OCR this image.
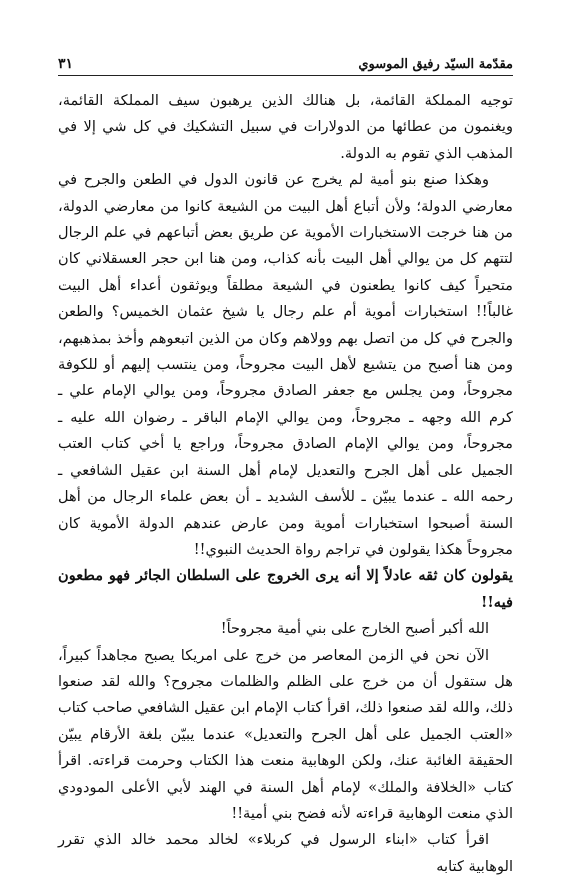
مقدّمة السيّد رفيق الموسوي
٣١

توجيه المملكة القائمة، بل هنالك الذين يرهبون سيف المملكة القائمة، ويغنمون من عطائها من الدولارات في سبيل التشكيك في كل شي إلا في المذهب الذي تقوم به الدولة.

وهكذا صنع بنو أمية لم يخرج عن قانون الدول في الطعن والجرح في معارضي الدولة؛ ولأن أتباع أهل البيت من الشيعة كانوا من معارضي الدولة، من هنا خرجت الاستخبارات الأموية عن طريق بعض أتباعهم في علم الرجال لتتهم كل من يوالي أهل البيت بأنه كذاب، ومن هنا ابن حجر العسقلاني كان متحيراً كيف كانوا يطعنون في الشيعة مطلقاً ويوثقون أعداء أهل البيت غالباً!! استخبارات أموية أم علم رجال يا شيخ عثمان الخميس؟ والطعن والجرح في كل من اتصل بهم وولاهم وكان من الذين اتبعوهم وأخذ بمذهبهم، ومن هنا أصبح من يتشيع لأهل البيت مجروحاً، ومن ينتسب إليهم أو للكوفة مجروحاً، ومن يجلس مع جعفر الصادق مجروحاً، ومن يوالي الإمام علي ـ كرم الله وجهه ـ مجروحاً، ومن يوالي الإمام الباقر ـ رضوان الله عليه ـ مجروحاً، ومن يوالي الإمام الصادق مجروحاً، وراجع يا أخي كتاب العتب الجميل على أهل الجرح والتعديل لإمام أهل السنة ابن عقيل الشافعي ـ رحمه الله ـ عندما يبيّن ـ للأسف الشديد ـ أن بعض علماء الرجال من أهل السنة أصبحوا استخبارات أموية ومن عارض عندهم الدولة الأموية كان مجروحاً هكذا يقولون في تراجم رواة الحديث النبوي!!

يقولون كان ثقه عادلاً إلا أنه يرى الخروج على السلطان الجائر فهو مطعون فيه!!

الله أكبر أصبح الخارج على بني أمية مجروحاً!

الآن نحن في الزمن المعاصر من خرج على امريكا يصبح مجاهداً كبيراً، هل ستقول أن من خرج على الظلم والظلمات مجروح؟ والله لقد صنعوا ذلك، والله لقد صنعوا ذلك، اقرأ كتاب الإمام ابن عقيل الشافعي صاحب كتاب «العتب الجميل على أهل الجرح والتعديل» عندما يبيّن بلغة الأرقام يبيّن الحقيقة الغائبة عنك، ولكن الوهابية منعت هذا الكتاب وحرمت قراءته. اقرأ كتاب «الخلافة والملك» لإمام أهل السنة في الهند لأبي الأعلى المودودي الذي منعت الوهابية قراءته لأنه فضح بني أمية!!

اقرأ كتاب «ابناء الرسول في كربلاء» لخالد محمد خالد الذي تقرر الوهابية كتابه
